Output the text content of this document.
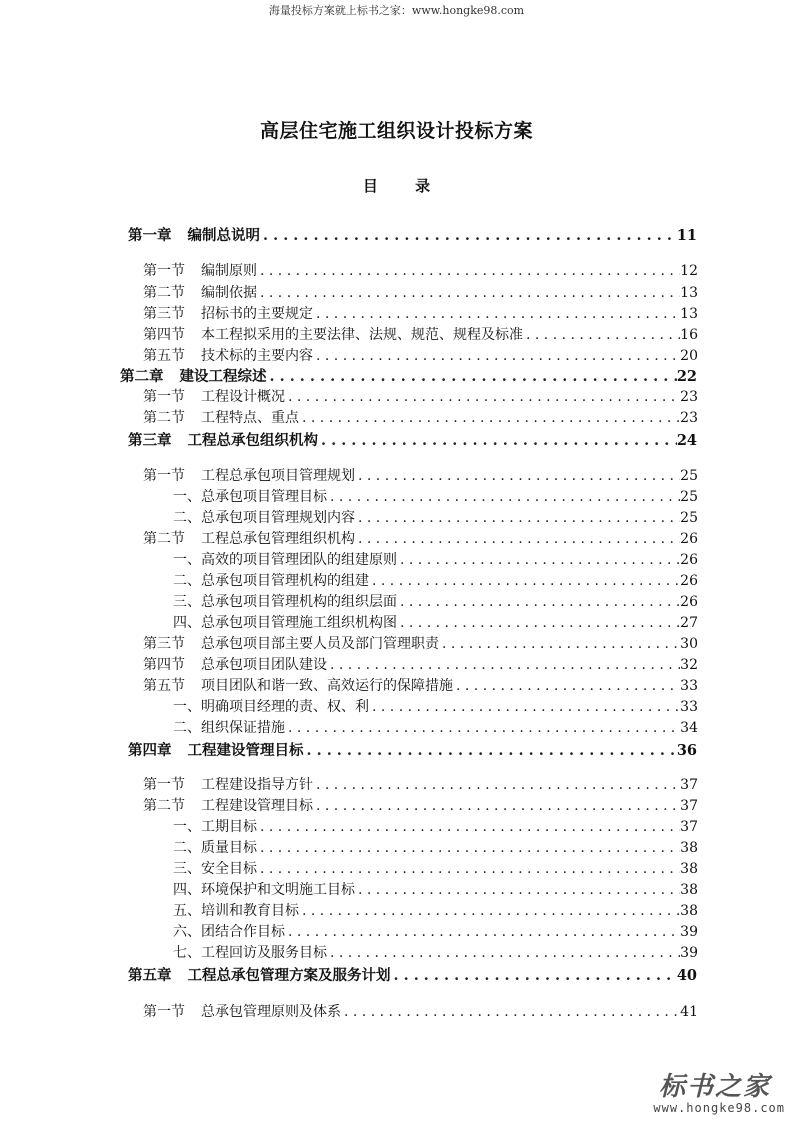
海量投标方案就上标书之家：www.hongke98.com
高层住宅施工组织设计投标方案
目 录
第一章	编制总说明 . . .	11
第一节	编制原则 . . .	12
第二节	编制依据 . . .	13
第三节	招标书的主要规定 . . .	13
第四节	本工程拟采用的主要法律、法规、规范、规程及标准 . . .	16
第五节	技术标的主要内容 . . .	20
第二章	建设工程综述 . . .	22
第一节	工程设计概况 . . .	23
第二节	工程特点、重点 . . .	23
第三章	工程总承包组织机构 . . .	24
第一节	工程总承包项目管理规划 . . .	25
一、总承包项目管理目标 . . .	25
二、总承包项目管理规划内容 . . .	25
第二节	工程总承包管理组织机构 . . .	26
一、高效的项目管理团队的组建原则 . . .	26
二、总承包项目管理机构的组建 . . .	26
三、总承包项目管理机构的组织层面 . . .	26
四、总承包项目管理施工组织机构图 . . .	27
第三节	总承包项目部主要人员及部门管理职责 . . .	30
第四节	总承包项目团队建设 . . .	32
第五节	项目团队和谐一致、高效运行的保障措施 . . .	33
一、明确项目经理的责、权、利 . . .	33
二、组织保证措施 . . .	34
第四章	工程建设管理目标 . . .	36
第一节	工程建设指导方针 . . .	37
第二节	工程建设管理目标 . . .	37
一、工期目标 . . .	37
二、质量目标 . . .	38
三、安全目标 . . .	38
四、环境保护和文明施工目标 . . .	38
五、培训和教育目标 . . .	38
六、团结合作目标 . . .	39
七、工程回访及服务目标 . . .	39
第五章	工程总承包管理方案及服务计划 . . .	40
第一节	总承包管理原则及体系 . . .	41
标书之家
www.hongke98.com
